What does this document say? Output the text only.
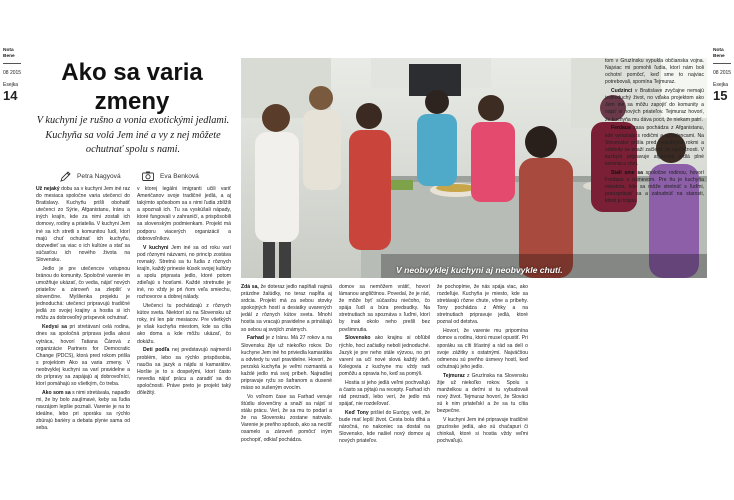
Nota Bene
08 2015
Esejka
14
Nota Bene
08 2015
Esejka
15
Ako sa varia
zmeny
V kuchyni je rušno a vonia exotickými jedlami. Kuchyňa sa volá Jem iné a vy z nej môžete ochutnať spolu s nami.
Petra Nagyová	Eva Benková
V neobvyklej kuchyni aj neobvykle chutí.

Už nejaký dobu sa v kuchyni Jem iné raz do mesiaca spoločne varia utečenci do Bratislavy. Kuchyňu prišli obohatiť utečenci zo Sýrie, Afganistanu, Iránu a iných krajín, kde za nimi zostali ich domovy, rodiny a priatelia. V kuchyni Jem iné sa ich stretli s komunitou ľudí, ktorí majú chuť ochutnať ich kuchyňu, dozvedieť sa viac o ich kultúre a stať sa súčasťou ich nového života na Slovensku.

Jedlo je pre utečencov vstupnou bránou do komunity. Spoločné varenie im umožňuje ukázať, čo vedia, nájsť nových priateľov a zároveň sa zlepšiť v slovenčine. Myšlienka projektu je jednoduchá: utečenci pripravujú tradičné jedlá zo svojej krajiny a hostia si ich môžu za dobrovoľný príspevok ochutnať.

Kedysi sa pri stretávaní celá rodina, dnes sa spoločná príprava jedla akosi vytráca, hovorí Tatiana Čárová z organizácie Partners for Democratic Change (PDCS), ktorá pred rokom prišla s projektom Ako sa varia zmeny. V neobvyklej kuchyni sa varí pravidelne a do prípravy sa zapájajú aj dobrovoľníci, ktorí pomáhajú so všetkým, čo treba.

Ako som sa s nimi stretávala, napadlo mi, že by bolo zaujímavé, keby sa ľudia navzájom lepšie poznali. Varenie je na to ideálne, lebo pri sporáku sa rýchlo zbúrajú bariéry a debata plynie sama od seba.

v ktorej legálni imigranti učili variť Američanov svoje tradičné jedlá, a aj takýmto spôsobom sa s nimi ľudia zblížili a spoznali ich. Tu sa vyskúšali nápady, ktoré fungovali v zahraničí, a prispôsobili sa slovenským podmienkam. Projekt má podporu viacerých organizácií a dobrovoľníkov.

V kuchyni Jem iné sa od roku varí pod rôznymi názvami, no princíp zostáva rovnaký. Stretnú sa tu ľudia z rôznych krajín, každý prinesie kúsok svojej kultúry a spolu pripravia jedlo, ktoré potom zdieľajú s hosťami. Každé stretnutie je iné, no vždy je pri ňom veľa smiechu, rozhovorov a dobrej nálady.

Utečenci tu pochádzajú z rôznych kútov sveta. Niektorí sú na Slovensku už roky, iní len pár mesiacov. Pre všetkých je však kuchyňa miestom, kde sa cítia ako doma a kde môžu ukázať, čo dokážu.

Deti podľa nej predstavujú najmenší problém, lebo sa rýchlo prispôsobia, naučia sa jazyk a nájdu si kamarátov. Horšie je to s dospelými, ktorí často nevedia nájsť prácu a zaradiť sa do spoločnosti. Práve preto je projekt taký dôležitý.

Zdá sa, že doteraz jedlo napĺňali najmä prázdne žalúdky, no teraz napĺňa aj srdcia. Projekt má za sebou stovky spokojných hostí a desiatky uvarených jedál z rôznych kútov sveta. Mnohí hostia sa vracajú pravidelne a prinášajú so sebou aj svojich známych.

Farhad je z Iránu. Má 27 rokov a na Slovensku žije už niekoľko rokov. Do kuchyne Jem iné ho priviedla kamarátka a odvtedy tu varí pravidelne. Hovorí, že perzská kuchyňa je veľmi rozmanitá a každé jedlo má svoj príbeh. Najradšej pripravuje ryžu so šafranom a dusené mäso so sušeným ovocím.

Vo voľnom čase sa Farhad venuje štúdiu slovenčiny a snaží sa nájsť si stálu prácu. Verí, že sa mu to podarí a že na Slovensku zostane natrvalo. Varenie je preňho spôsob, ako sa necítiť osamelo a zároveň pomôcť iným pochopiť, odkiaľ pochádza.

domov sa nemôžem vrátiť, hovorí lámanou angličtinou. Povedal, že je rád, že môže byť súčasťou niečoho, čo spája ľudí a búra predsudky. Na stretnutiach sa spoznáva s ľuďmi, ktorí by inak okolo neho prešli bez povšimnutia.

Slovensko ako krajinu si obľúbil rýchlo, hoci začiatky neboli jednoduché. Jazyk je pre neho stále výzvou, no pri varení sa učí nové slová každý deň. Kolegovia z kuchyne mu vždy radi pomôžu a opravia ho, keď sa pomýli.

Hostia si jeho jedlá veľmi pochvaľujú a často sa pýtajú na recepty. Farhad ich rád prezradí, lebo verí, že jedlo má spájať, nie rozdeľovať.

Keď Tony prišiel do Európy, veril, že bude mať lepší život. Cesta bola dlhá a náročná, no nakoniec sa dostal na Slovensko, kde našiel nový domov aj nových priateľov.

že pochopíme, že nás spája viac, ako rozdeľuje. Kuchyňa je miesto, kde sa stretávajú rôzne chute, vône a príbehy. Tony pochádza z Afriky a na stretnutiach pripravuje jedlá, ktoré poznal od detstva.

Hovorí, že varenie mu pripomína domov a rodinu, ktorú musel opustiť. Pri sporáku sa cíti šťastný a rád sa delí o svoje zážitky s ostatnými. Najväčšou odmenou sú preňho úsmevy hostí, keď ochutnajú jeho jedlo.

Tejmuraz z Gruzínska na Slovensku žije už niekoľko rokov. Spolu s manželkou a deťmi si tu vybudovali nový život. Tejmuraz hovorí, že Slováci sú k nim priateľskí a že sa tu cítia bezpečne.

V kuchyni Jem iné pripravuje tradičné gruzínske jedlá, ako sú chačapuri či chinkali, ktoré si hostia vždy veľmi pochvaľujú.

tom v Gruzínsku vypukla občianska vojna. Najviac mi pomohli ľudia, ktorí nám boli ochotní pomôcť, keď sme to najviac potrebovali, spomína Tejmuraz.

Cudzinci v Bratislave zvyčajne nemajú jednoduchý život, no vďaka projektom ako Jem iné sa môžu zapojiť do komunity a nájsť si nových priateľov. Tejmuraz hovorí, že kuchyňa mu dáva pocit, že niekam patrí.

Ferdaus zasa pochádza z Afganistanu, kde vyrastala s rodičmi a súrodencami. Na Slovensko prišla pred niekoľkými rokmi a odvtedy sa snaží začleniť do spoločnosti. V kuchyni pripravuje afganské jedlá plné korenia a vôní.

Stali sme sa spoločne rodinou, hovorí Ferdaus s úsmevom. Pre ňu je kuchyňa miestom, kde sa môže stretnúť s ľuďmi, porozprávať sa a zabudnúť na starosti, ktoré ju trápia.
